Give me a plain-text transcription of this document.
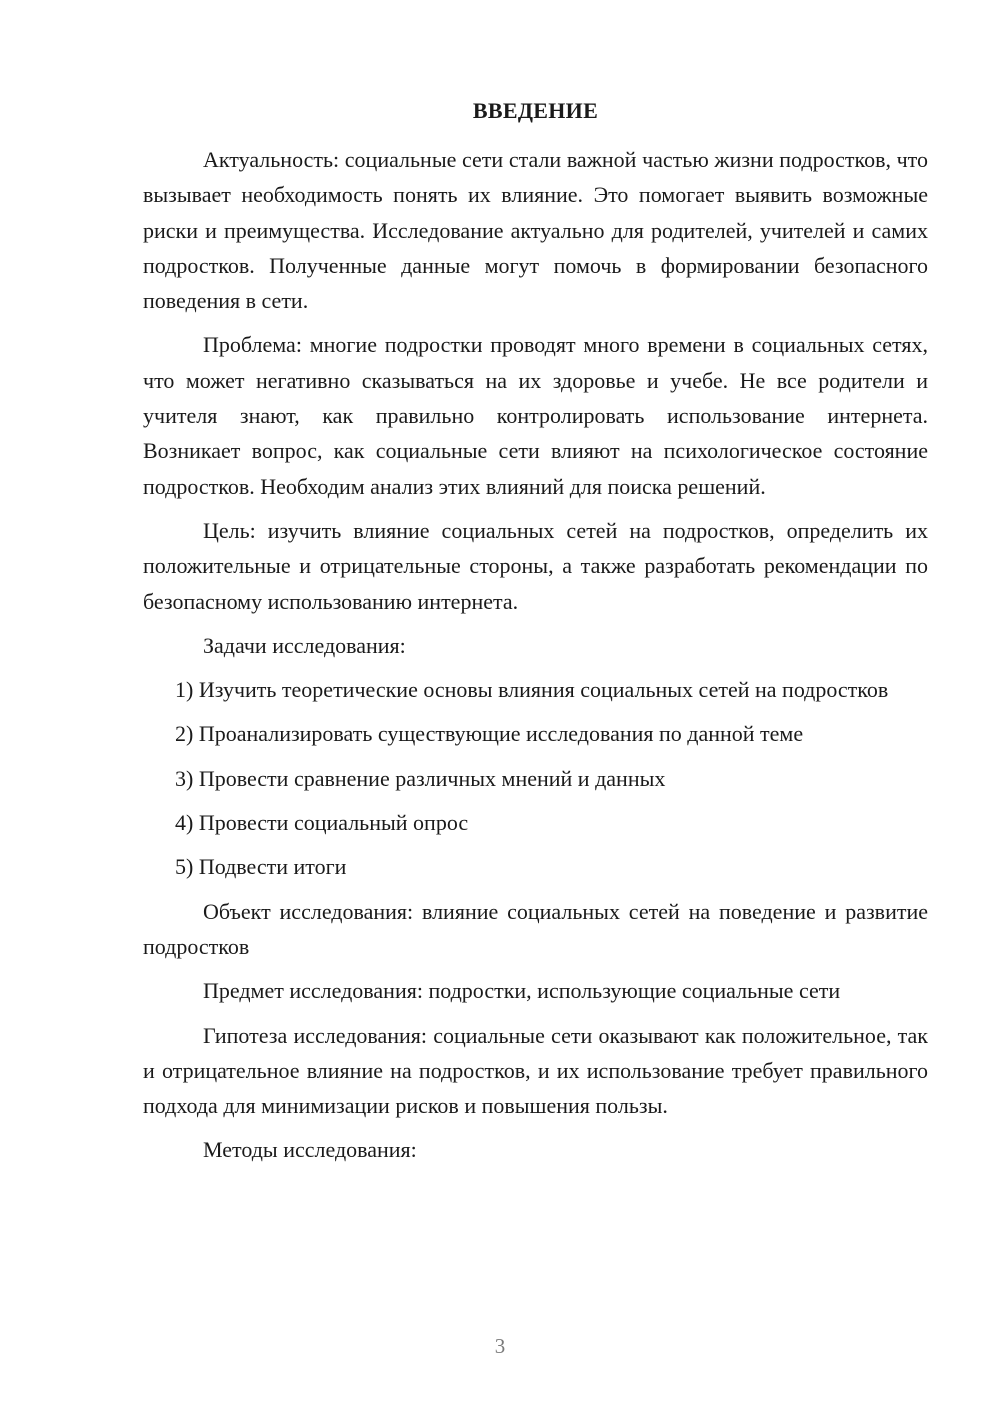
ВВЕДЕНИЕ

Актуальность: социальные сети стали важной частью жизни подростков, что вызывает необходимость понять их влияние. Это помогает выявить возможные риски и преимущества. Исследование актуально для родителей, учителей и самих подростков. Полученные данные могут помочь в формировании безопасного поведения в сети.

Проблема: многие подростки проводят много времени в социальных сетях, что может негативно сказываться на их здоровье и учебе. Не все родители и учителя знают, как правильно контролировать использование интернета. Возникает вопрос, как социальные сети влияют на психологическое состояние подростков. Необходим анализ этих влияний для поиска решений.

Цель: изучить влияние социальных сетей на подростков, определить их положительные и отрицательные стороны, а также разработать рекомендации по безопасному использованию интернета.

Задачи исследования:

1) Изучить теоретические основы влияния социальных сетей на подростков

2) Проанализировать существующие исследования по данной теме

3) Провести сравнение различных мнений и данных

4) Провести социальный опрос

5) Подвести итоги

Объект исследования: влияние социальных сетей на поведение и развитие подростков

Предмет исследования: подростки, использующие социальные сети

Гипотеза исследования: социальные сети оказывают как положительное, так и отрицательное влияние на подростков, и их использование требует правильного подхода для минимизации рисков и повышения пользы.

Методы исследования:

3
